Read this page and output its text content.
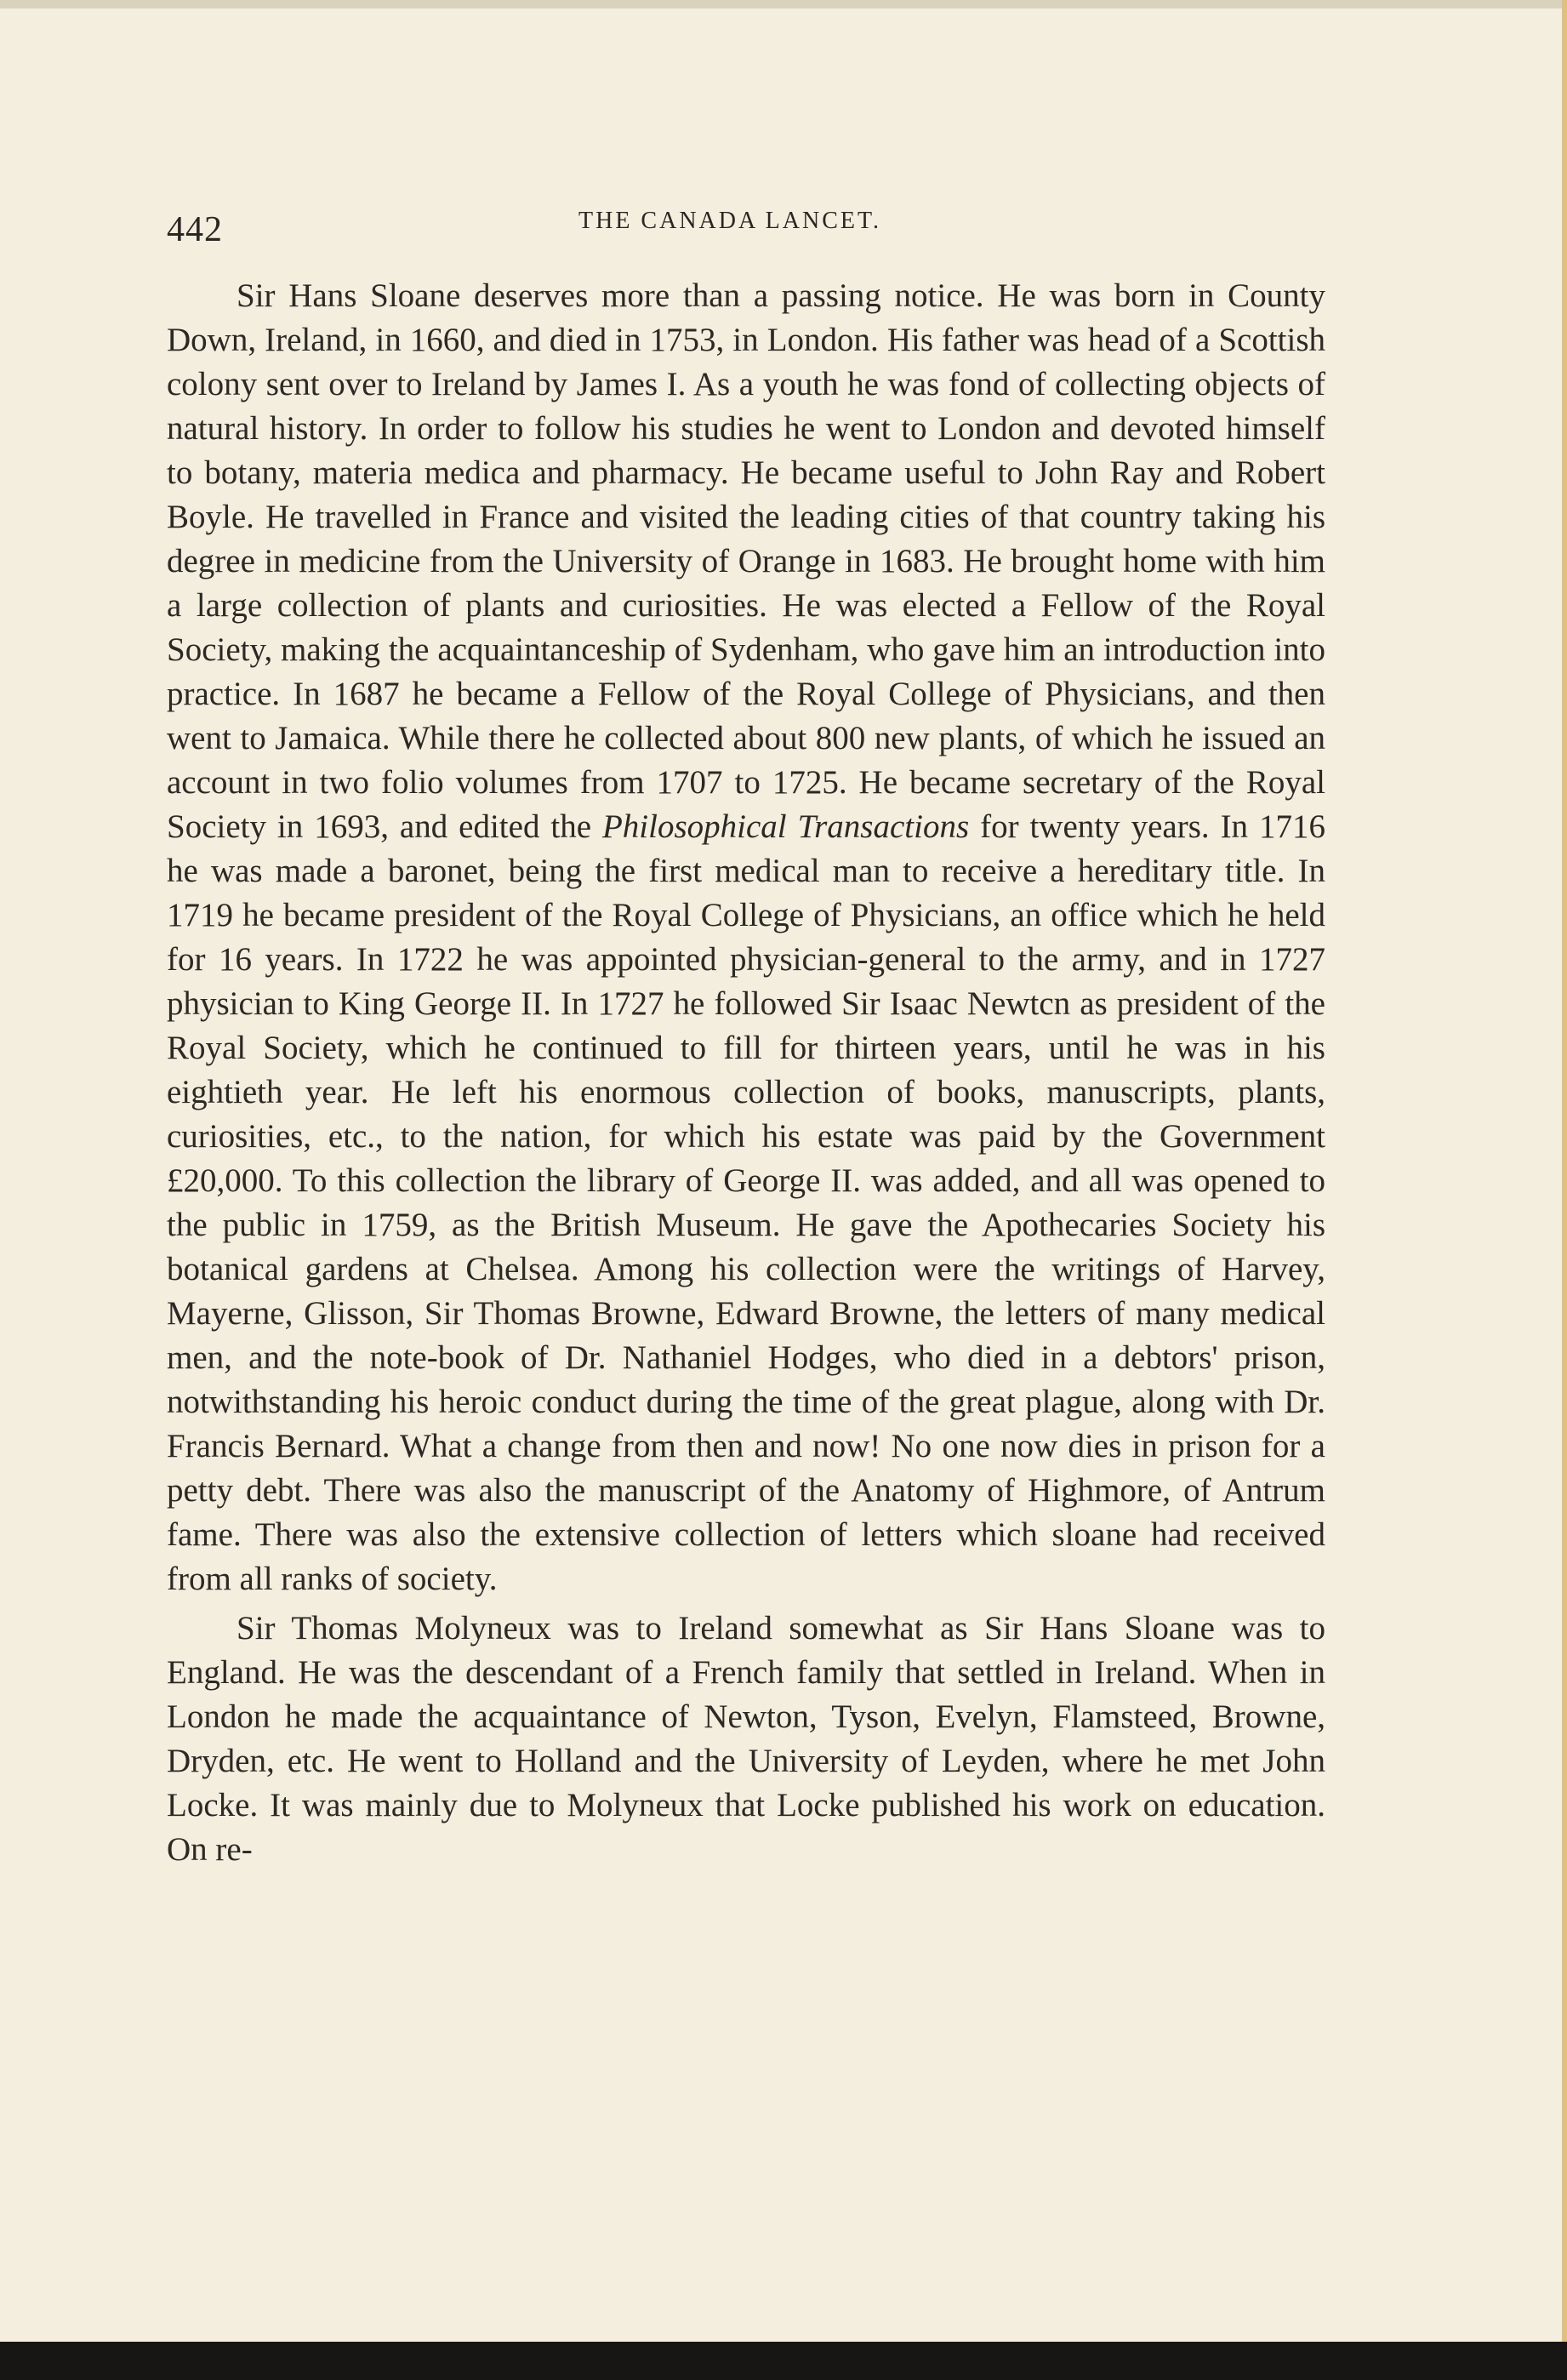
442	THE CANADA LANCET.

Sir Hans Sloane deserves more than a passing notice. He was born in County Down, Ireland, in 1660, and died in 1753, in London. His father was head of a Scottish colony sent over to Ireland by James I. As a youth he was fond of collecting objects of natural history. In order to follow his studies he went to London and devoted himself to botany, materia medica and pharmacy. He became useful to John Ray and Robert Boyle. He travelled in France and visited the leading cities of that country taking his degree in medicine from the University of Orange in 1683. He brought home with him a large collection of plants and curiosities. He was elected a Fellow of the Royal Society, making the acquaintanceship of Sydenham, who gave him an introduction into practice. In 1687 he became a Fellow of the Royal College of Physicians, and then went to Jamaica. While there he collected about 800 new plants, of which he issued an account in two folio volumes from 1707 to 1725. He became secretary of the Royal Society in 1693, and edited the Philosophical Transactions for twenty years. In 1716 he was made a baronet, being the first medical man to receive a hereditary title. In 1719 he became president of the Royal College of Physicians, an office which he held for 16 years. In 1722 he was appointed physician-general to the army, and in 1727 physician to King George II. In 1727 he followed Sir Isaac Newtcn as president of the Royal Society, which he continued to fill for thirteen years, until he was in his eightieth year. He left his enormous collection of books, manuscripts, plants, curiosities, etc., to the nation, for which his estate was paid by the Government £20,000. To this collection the library of George II. was added, and all was opened to the public in 1759, as the British Museum. He gave the Apothecaries Society his botanical gardens at Chelsea. Among his collection were the writings of Harvey, Mayerne, Glisson, Sir Thomas Browne, Edward Browne, the letters of many medical men, and the note-book of Dr. Nathaniel Hodges, who died in a debtors' prison, notwithstanding his heroic conduct during the time of the great plague, along with Dr. Francis Bernard. What a change from then and now! No one now dies in prison for a petty debt. There was also the manuscript of the Anatomy of Highmore, of Antrum fame. There was also the extensive collection of letters which sloane had received from all ranks of society.

Sir Thomas Molyneux was to Ireland somewhat as Sir Hans Sloane was to England. He was the descendant of a French family that settled in Ireland. When in London he made the acquaintance of Newton, Tyson, Evelyn, Flamsteed, Browne, Dryden, etc. He went to Holland and the University of Leyden, where he met John Locke. It was mainly due to Molyneux that Locke published his work on education. On re-
